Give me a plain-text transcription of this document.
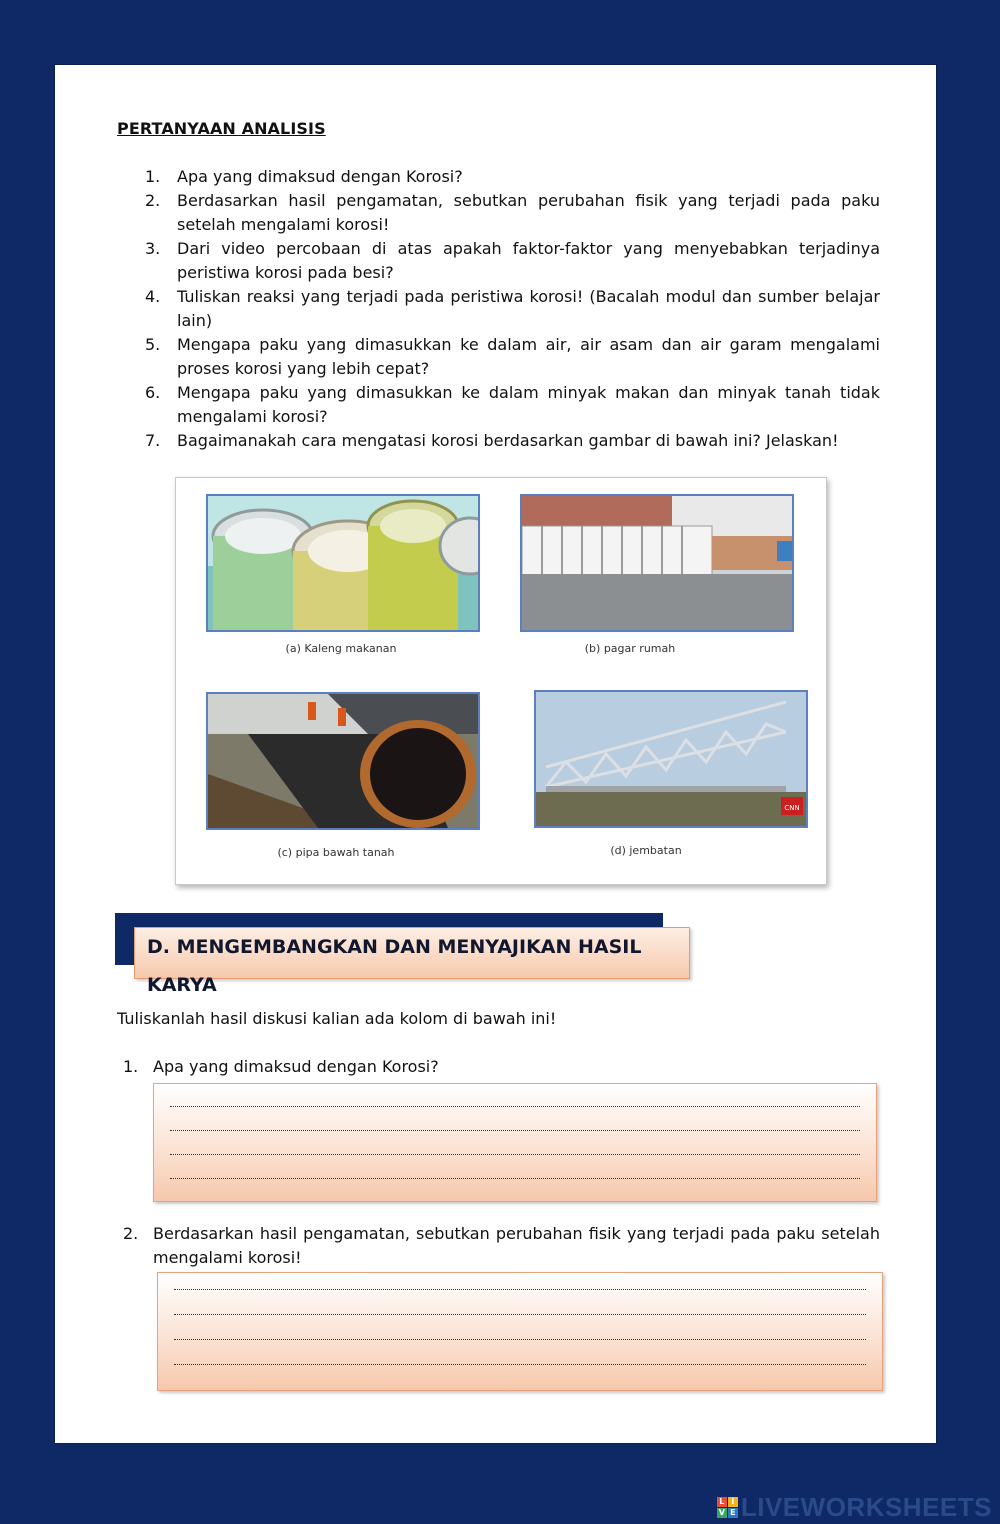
PERTANYAAN ANALISIS
1.	Apa yang dimaksud dengan Korosi?
2.	Berdasarkan hasil pengamatan, sebutkan perubahan fisik yang terjadi pada paku setelah mengalami korosi!
3.	Dari video percobaan di atas apakah faktor-faktor yang menyebabkan terjadinya peristiwa korosi pada besi?
4.	Tuliskan reaksi yang terjadi pada peristiwa korosi! (Bacalah modul dan sumber belajar lain)
5.	Mengapa paku yang dimasukkan ke dalam air, air asam dan air garam mengalami proses korosi yang lebih cepat?
6.	Mengapa paku yang dimasukkan ke dalam minyak makan dan minyak tanah tidak mengalami korosi?
7.	Bagaimanakah cara mengatasi korosi berdasarkan gambar di bawah ini? Jelaskan!
(a) Kaleng makanan	(b) pagar rumah
(c) pipa bawah tanah
CNN
(d) jembatan
D. MENGEMBANGKAN DAN MENYAJIKAN HASIL KARYA
Tuliskanlah hasil diskusi kalian ada kolom di bawah ini!
1. Apa yang dimaksud dengan Korosi?
2. Berdasarkan hasil pengamatan, sebutkan perubahan fisik yang terjadi pada paku setelah mengalami korosi!
L I
V E LIVEWORKSHEETS
